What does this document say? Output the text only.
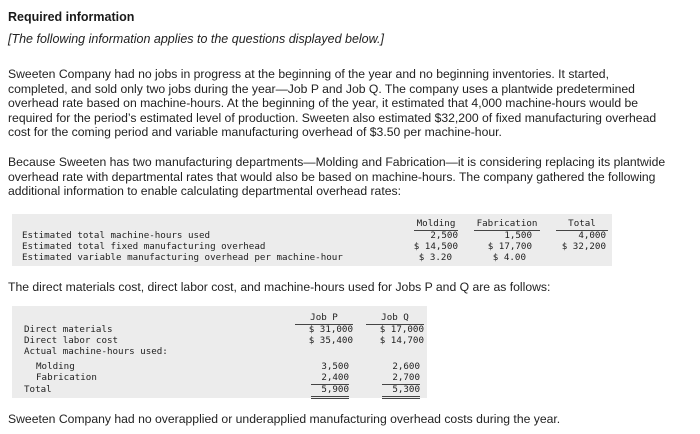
Required information
[The following information applies to the questions displayed below.]
Sweeten Company had no jobs in progress at the beginning of the year and no beginning inventories. It started,
completed, and sold only two jobs during the year—Job P and Job Q. The company uses a plantwide predetermined
overhead rate based on machine-hours. At the beginning of the year, it estimated that 4,000 machine-hours would be
required for the period’s estimated level of production. Sweeten also estimated $32,200 of fixed manufacturing overhead
cost for the coming period and variable manufacturing overhead of $3.50 per machine-hour.
Because Sweeten has two manufacturing departments—Molding and Fabrication—it is considering replacing its plantwide
overhead rate with departmental rates that would also be based on machine-hours. The company gathered the following
additional information to enable calculating departmental overhead rates:
Molding Fabrication	Total
Estimated total machine-hours used	2,500	1,500	4,000
Estimated total fixed manufacturing overhead	$ 14,500	$ 17,700	$ 32,200
Estimated variable manufacturing overhead per machine-hour	$ 3.20	$ 4.00
The direct materials cost, direct labor cost, and machine-hours used for Jobs P and Q are as follows:
Job P	Job Q
Direct materials	$ 31,000	$ 17,000
Direct labor cost	$ 35,400	$ 14,700
Actual machine-hours used:
Molding	3,500	2,600
Fabrication	2,400	2,700
Total	5,900	5,300
Sweeten Company had no overapplied or underapplied manufacturing overhead costs during the year.
